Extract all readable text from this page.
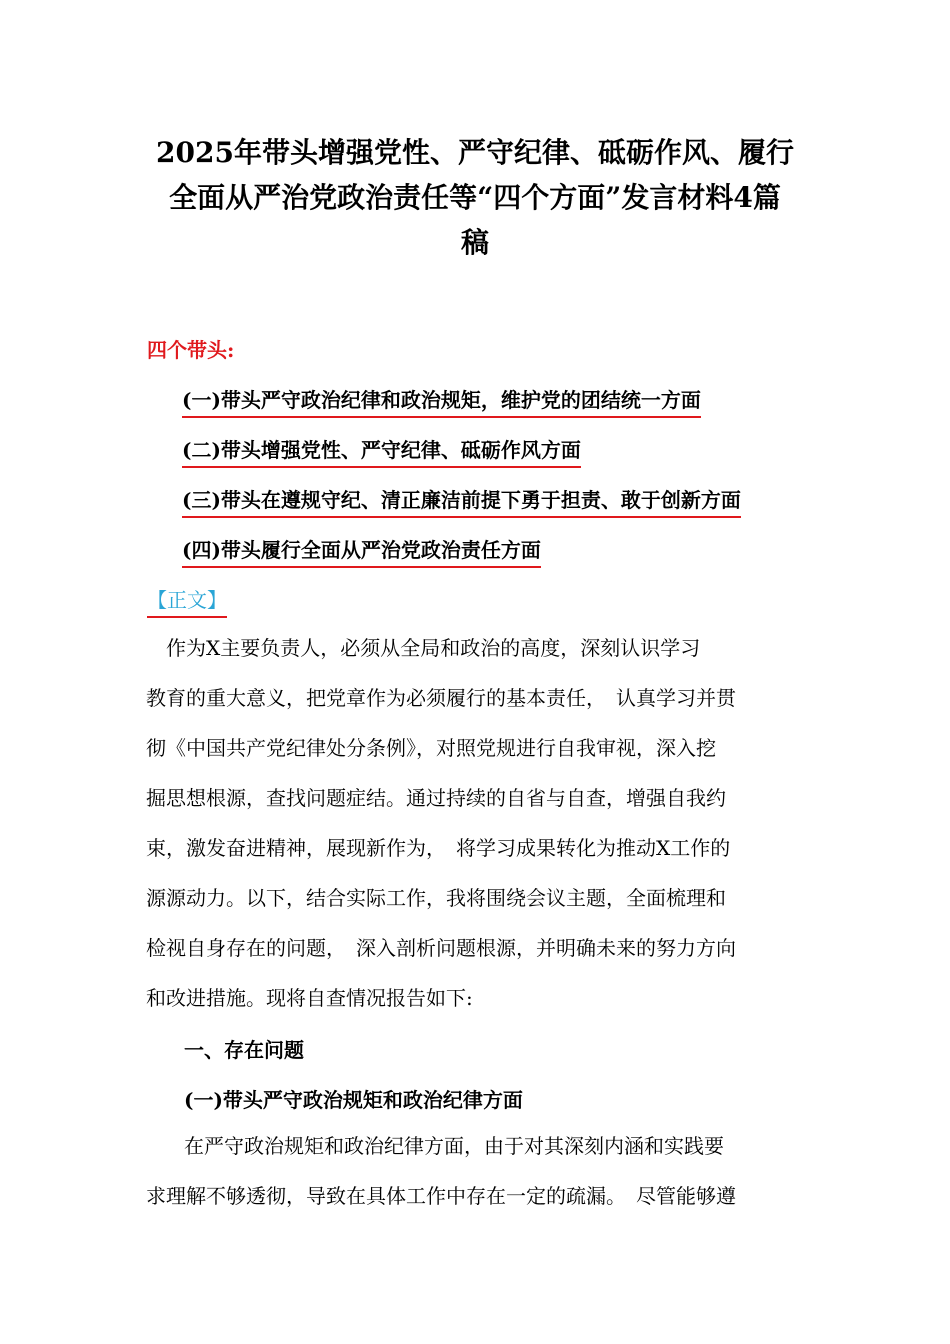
2025年带头增强党性、严守纪律、砥砺作风、履行
全面从严治党政治责任等“四个方面”发言材料4篇
稿
四个带头:
(一)带头严守政治纪律和政治规矩，维护党的团结统一方面
(二)带头增强党性、严守纪律、砥砺作风方面
(三)带头在遵规守纪、清正廉洁前提下勇于担责、敢于创新方面
(四)带头履行全面从严治党政治责任方面
【正文】
　作为X主要负责人，必须从全局和政治的高度，深刻认识学习
教育的重大意义，把党章作为必须履行的基本责任，　认真学习并贯
彻《中国共产党纪律处分条例》，对照党规进行自我审视，深入挖
掘思想根源，查找问题症结。通过持续的自省与自查，增强自我约
束，激发奋进精神，展现新作为，　将学习成果转化为推动X工作的
源源动力。以下，结合实际工作，我将围绕会议主题，全面梳理和
检视自身存在的问题，　深入剖析问题根源，并明确未来的努力方向
和改进措施。现将自查情况报告如下:
一、存在问题
(一)带头严守政治规矩和政治纪律方面
在严守政治规矩和政治纪律方面，由于对其深刻内涵和实践要
求理解不够透彻，导致在具体工作中存在一定的疏漏。　尽管能够遵
